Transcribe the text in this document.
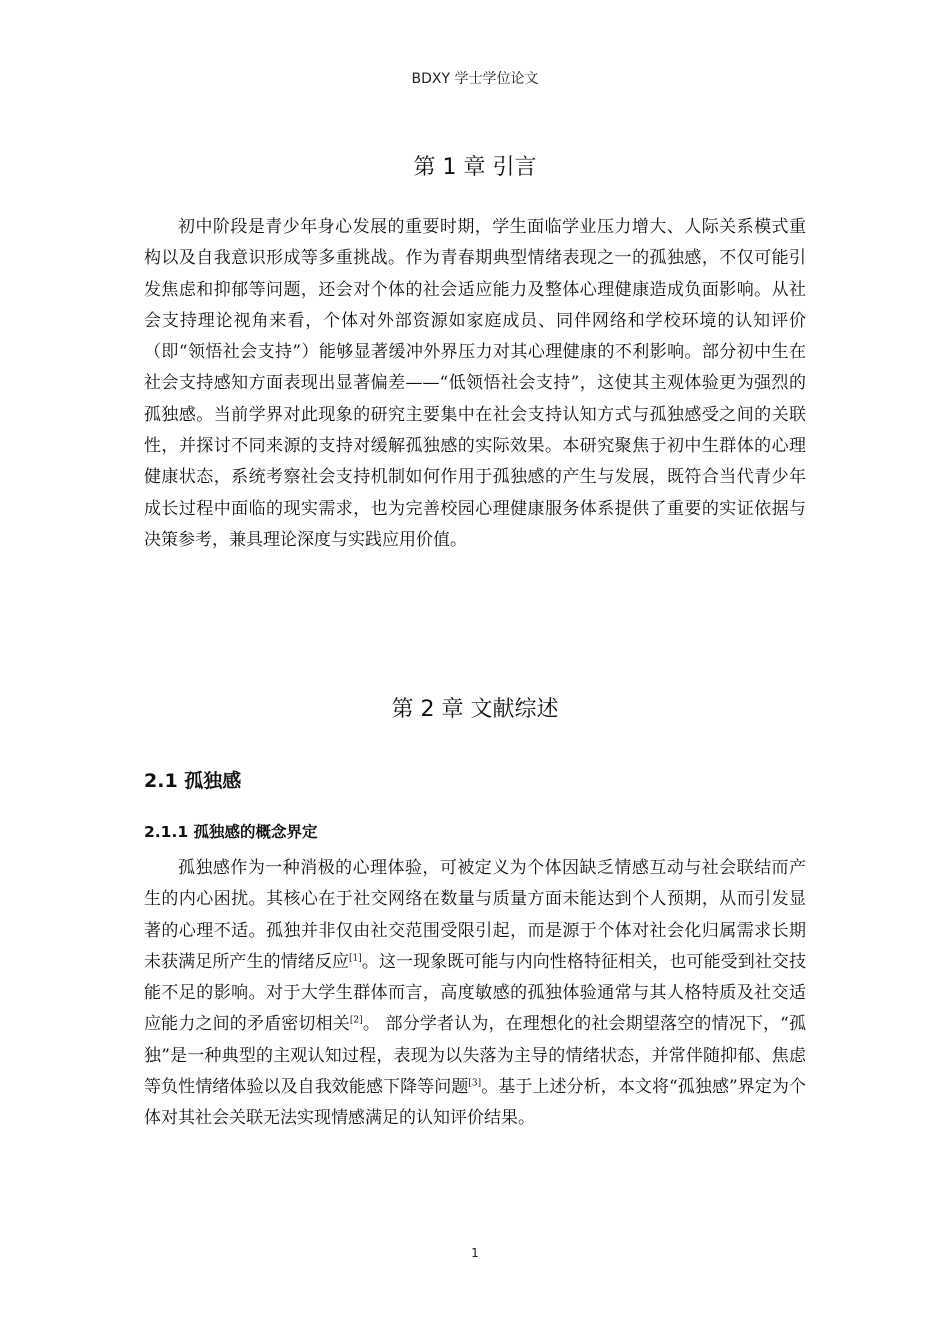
BDXY 学士学位论文
第 1 章 引言

初中阶段是青少年身心发展的重要时期，学生面临学业压力增大、人际关系模式重构以及自我意识形成等多重挑战。作为青春期典型情绪表现之一的孤独感，不仅可能引发焦虑和抑郁等问题，还会对个体的社会适应能力及整体心理健康造成负面影响。从社会支持理论视角来看，个体对外部资源如家庭成员、同伴网络和学校环境的认知评价（即“领悟社会支持”）能够显著缓冲外界压力对其心理健康的不利影响。部分初中生在社会支持感知方面表现出显著偏差——“低领悟社会支持”，这使其主观体验更为强烈的孤独感。当前学界对此现象的研究主要集中在社会支持认知方式与孤独感受之间的关联性，并探讨不同来源的支持对缓解孤独感的实际效果。本研究聚焦于初中生群体的心理健康状态，系统考察社会支持机制如何作用于孤独感的产生与发展，既符合当代青少年成长过程中面临的现实需求，也为完善校园心理健康服务体系提供了重要的实证依据与决策参考，兼具理论深度与实践应用价值。

第 2 章 文献综述
2.1 孤独感
2.1.1 孤独感的概念界定

孤独感作为一种消极的心理体验，可被定义为个体因缺乏情感互动与社会联结而产生的内心困扰。其核心在于社交网络在数量与质量方面未能达到个人预期，从而引发显著的心理不适。孤独并非仅由社交范围受限引起，而是源于个体对社会化归属需求长期未获满足所产生的情绪反应[1]。这一现象既可能与内向性格特征相关，也可能受到社交技能不足的影响。对于大学生群体而言，高度敏感的孤独体验通常与其人格特质及社交适应能力之间的矛盾密切相关[2]。 部分学者认为，在理想化的社会期望落空的情况下，“孤独”是一种典型的主观认知过程，表现为以失落为主导的情绪状态，并常伴随抑郁、焦虑等负性情绪体验以及自我效能感下降等问题[3]。基于上述分析，本文将“孤独感”界定为个体对其社会关联无法实现情感满足的认知评价结果。

1
